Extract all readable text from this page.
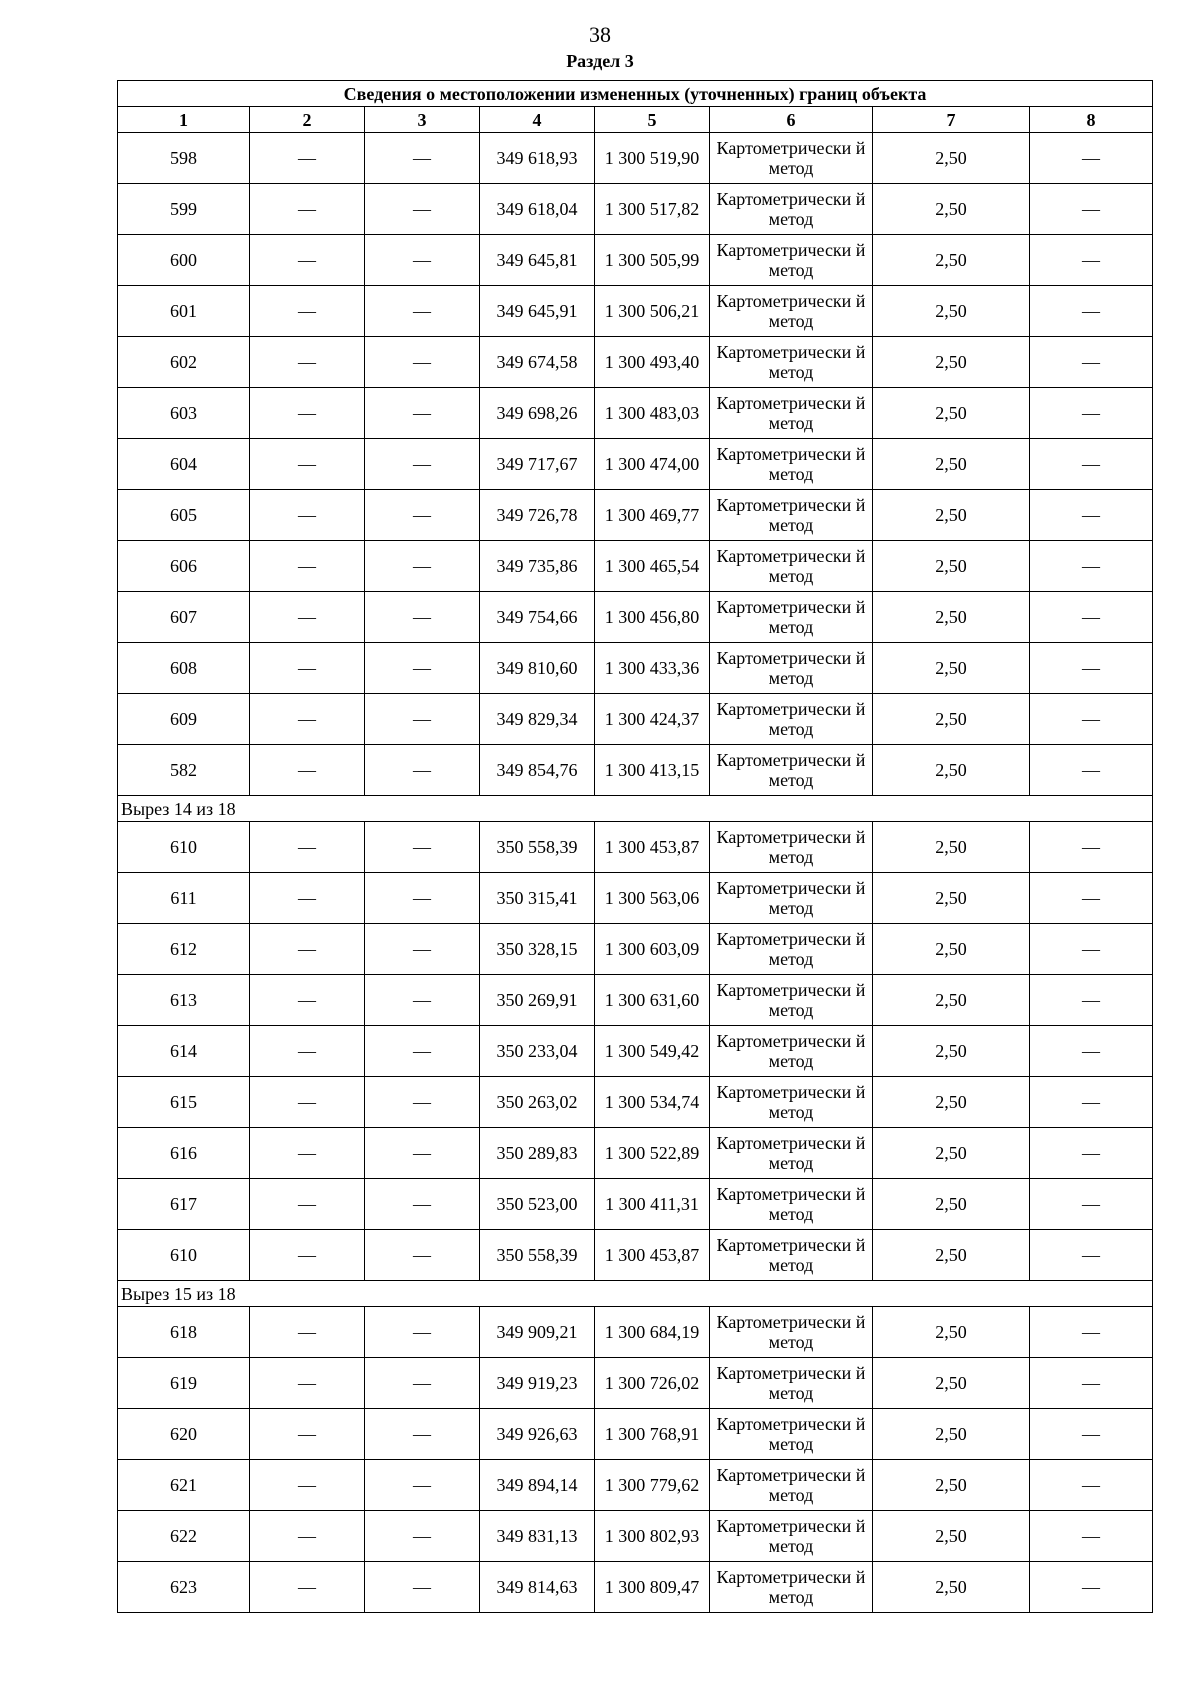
38
Раздел 3
Сведения о местоположении измененных (уточненных) границ объекта							
1	2	3	4	5	6	7	8
598	—	—	349 618,93	1 300 519,90	Картометрически й метод	2,50	—
599	—	—	349 618,04	1 300 517,82	Картометрически й метод	2,50	—
600	—	—	349 645,81	1 300 505,99	Картометрически й метод	2,50	—
601	—	—	349 645,91	1 300 506,21	Картометрически й метод	2,50	—
602	—	—	349 674,58	1 300 493,40	Картометрически й метод	2,50	—
603	—	—	349 698,26	1 300 483,03	Картометрически й метод	2,50	—
604	—	—	349 717,67	1 300 474,00	Картометрически й метод	2,50	—
605	—	—	349 726,78	1 300 469,77	Картометрически й метод	2,50	—
606	—	—	349 735,86	1 300 465,54	Картометрически й метод	2,50	—
607	—	—	349 754,66	1 300 456,80	Картометрически й метод	2,50	—
608	—	—	349 810,60	1 300 433,36	Картометрически й метод	2,50	—
609	—	—	349 829,34	1 300 424,37	Картометрически й метод	2,50	—
582	—	—	349 854,76	1 300 413,15	Картометрически й метод	2,50	—
Вырез 14 из 18							
610	—	—	350 558,39	1 300 453,87	Картометрически й метод	2,50	—
611	—	—	350 315,41	1 300 563,06	Картометрически й метод	2,50	—
612	—	—	350 328,15	1 300 603,09	Картометрически й метод	2,50	—
613	—	—	350 269,91	1 300 631,60	Картометрически й метод	2,50	—
614	—	—	350 233,04	1 300 549,42	Картометрически й метод	2,50	—
615	—	—	350 263,02	1 300 534,74	Картометрически й метод	2,50	—
616	—	—	350 289,83	1 300 522,89	Картометрически й метод	2,50	—
617	—	—	350 523,00	1 300 411,31	Картометрически й метод	2,50	—
610	—	—	350 558,39	1 300 453,87	Картометрически й метод	2,50	—
Вырез 15 из 18							
618	—	—	349 909,21	1 300 684,19	Картометрически й метод	2,50	—
619	—	—	349 919,23	1 300 726,02	Картометрически й метод	2,50	—
620	—	—	349 926,63	1 300 768,91	Картометрически й метод	2,50	—
621	—	—	349 894,14	1 300 779,62	Картометрически й метод	2,50	—
622	—	—	349 831,13	1 300 802,93	Картометрически й метод	2,50	—
623	—	—	349 814,63	1 300 809,47	Картометрически й метод	2,50	—
